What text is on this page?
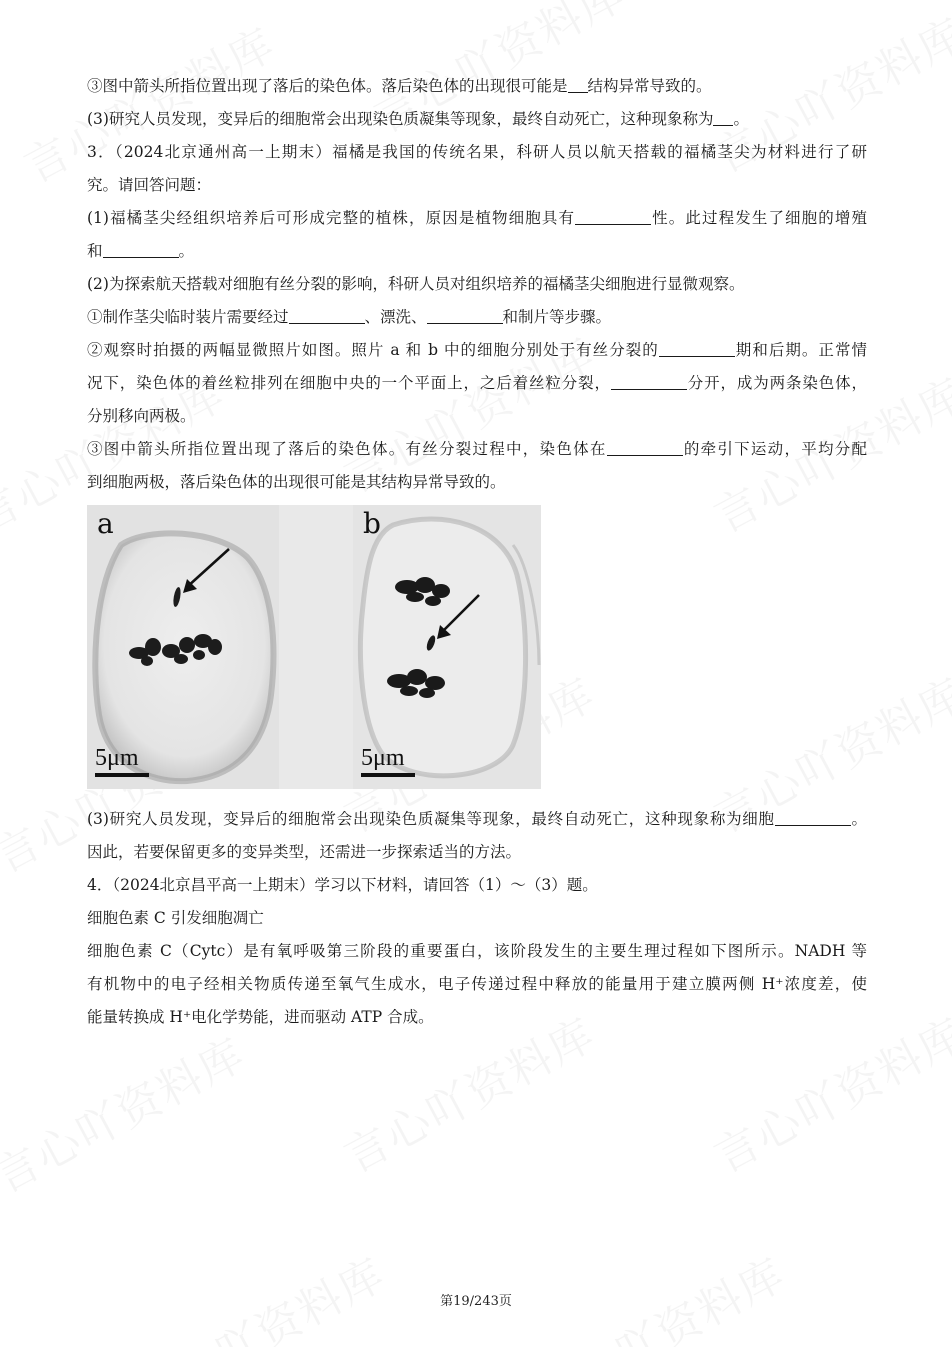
③图中箭头所指位置出现了落后的染色体。落后染色体的出现很可能是 结构异常导致的。
(3)研究人员发现，变异后的细胞常会出现染色质凝集等现象，最终自动死亡，这种现象称为 。
3．（2024北京通州高一上期末）福橘是我国的传统名果，科研人员以航天搭载的福橘茎尖为材料进行了研
究。请回答问题：
(1)福橘茎尖经组织培养后可形成完整的植株，原因是植物细胞具有	性。此过程发生了细胞的增殖
和	。
(2)为探索航天搭载对细胞有丝分裂的影响，科研人员对组织培养的福橘茎尖细胞进行显微观察。
①制作茎尖临时装片需要经过	、漂洗、	和制片等步骤。
②观察时拍摄的两幅显微照片如图。照片 a 和 b 中的细胞分别处于有丝分裂的	期和后期。正常情
况下，染色体的着丝粒排列在细胞中央的一个平面上，之后着丝粒分裂，	分开，成为两条染色体，
分别移向两极。
③图中箭头所指位置出现了落后的染色体。有丝分裂过程中，染色体在	的牵引下运动，平均分配
到细胞两极，落后染色体的出现很可能是其结构异常导致的。
a
5μm
b
5μm
(3)研究人员发现，变异后的细胞常会出现染色质凝集等现象，最终自动死亡，这种现象称为细胞	。
因此，若要保留更多的变异类型，还需进一步探索适当的方法。
4．（2024北京昌平高一上期末）学习以下材料，请回答（1）～（3）题。
细胞色素 C 引发细胞凋亡
细胞色素 C（Cytc）是有氧呼吸第三阶段的重要蛋白，该阶段发生的主要生理过程如下图所示。NADH 等
有机物中的电子经相关物质传递至氧气生成水，电子传递过程中释放的能量用于建立膜两侧 H⁺浓度差，使
能量转换成 H⁺电化学势能，进而驱动 ATP 合成。
第19/243页
